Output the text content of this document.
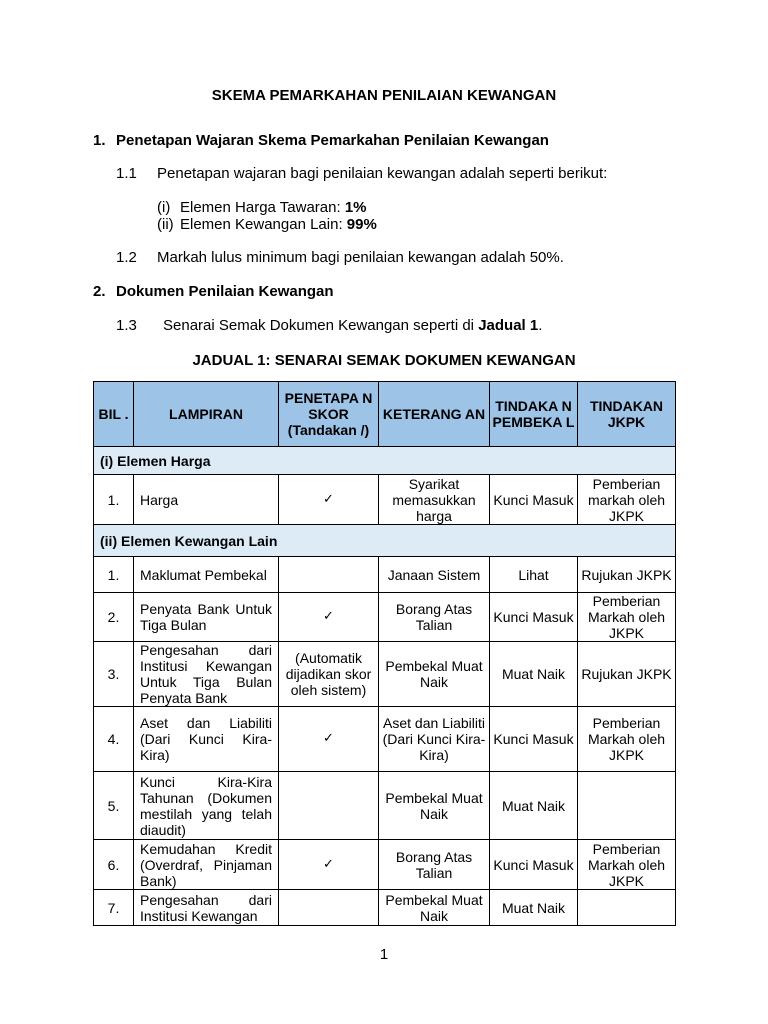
SKEMA PEMARKAHAN PENILAIAN KEWANGAN
1. Penetapan Wajaran Skema Pemarkahan Penilaian Kewangan
1.1 Penetapan wajaran bagi penilaian kewangan adalah seperti berikut:
(i) Elemen Harga Tawaran: 1%
(ii) Elemen Kewangan Lain: 99%
1.2 Markah lulus minimum bagi penilaian kewangan adalah 50%.
2. Dokumen Penilaian Kewangan
1.3 Senarai Semak Dokumen Kewangan seperti di Jadual 1.
JADUAL 1: SENARAI SEMAK DOKUMEN KEWANGAN
BIL .	LAMPIRAN	PENETAPA N SKOR (Tandakan /)	KETERANG AN	TINDAKA N PEMBEKA L	TINDAKAN JKPK
(i) Elemen Harga					
1.	Harga	✓	Syarikat memasukkan harga	Kunci Masuk	Pemberian markah oleh JKPK
(ii) Elemen Kewangan Lain					
1.	Maklumat Pembekal		Janaan Sistem	Lihat	Rujukan JKPK
2.	Penyata Bank Untuk Tiga Bulan	✓	Borang Atas Talian	Kunci Masuk	Pemberian Markah oleh JKPK
3.	Pengesahan dari Institusi Kewangan Untuk Tiga Bulan Penyata Bank	(Automatik dijadikan skor oleh sistem)	Pembekal Muat Naik	Muat Naik	Rujukan JKPK
4.	Aset dan Liabiliti (Dari Kunci Kira-Kira)	✓	Aset dan Liabiliti (Dari Kunci Kira-Kira)	Kunci Masuk	Pemberian Markah oleh JKPK
5.	Kunci Kira-Kira Tahunan (Dokumen mestilah yang telah diaudit)		Pembekal Muat Naik	Muat Naik	
6.	Kemudahan Kredit (Overdraf, Pinjaman Bank)	✓	Borang Atas Talian	Kunci Masuk	Pemberian Markah oleh JKPK
7.	Pengesahan dari Institusi Kewangan		Pembekal Muat Naik	Muat Naik	
1
